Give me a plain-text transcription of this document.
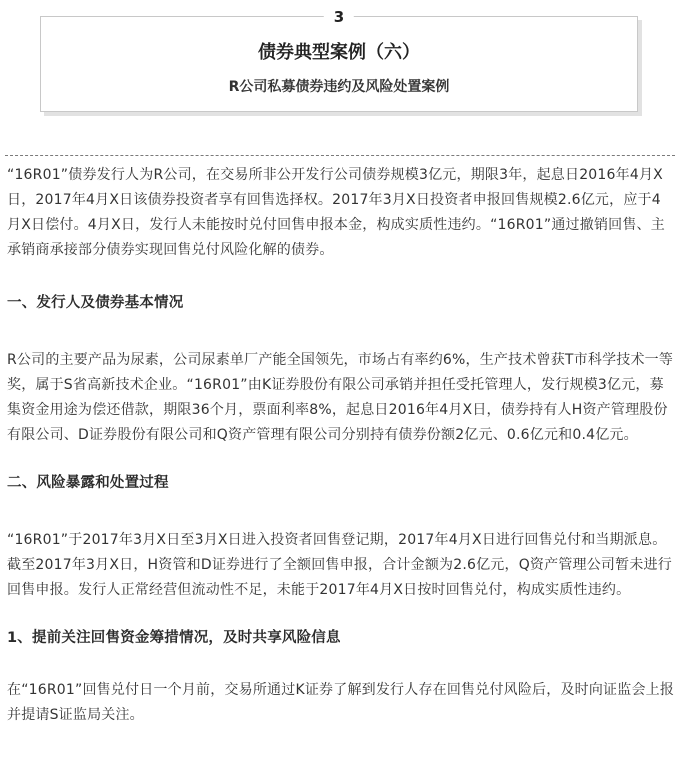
3
债券典型案例（六）
R公司私募债券违约及风险处置案例

“16R01”债券发行人为R公司，在交易所非公开发行公司债券规模3亿元，期限3年，起息日2016年4月X日，2017年4月X日该债券投资者享有回售选择权。2017年3月X日投资者申报回售规模2.6亿元，应于4月X日偿付。4月X日，发行人未能按时兑付回售申报本金，构成实质性违约。“16R01”通过撤销回售、主承销商承接部分债券实现回售兑付风险化解的债券。

一、发行人及债券基本情况

R公司的主要产品为尿素，公司尿素单厂产能全国领先，市场占有率约6%，生产技术曾获T市科学技术一等奖，属于S省高新技术企业。“16R01”由K证券股份有限公司承销并担任受托管理人，发行规模3亿元，募集资金用途为偿还借款，期限36个月，票面利率8%，起息日2016年4月X日，债券持有人H资产管理股份有限公司、D证券股份有限公司和Q资产管理有限公司分别持有债券份额2亿元、0.6亿元和0.4亿元。

二、风险暴露和处置过程

“16R01”于2017年3月X日至3月X日进入投资者回售登记期，2017年4月X日进行回售兑付和当期派息。截至2017年3月X日，H资管和D证券进行了全额回售申报，合计金额为2.6亿元，Q资产管理公司暂未进行回售申报。发行人正常经营但流动性不足，未能于2017年4月X日按时回售兑付，构成实质性违约。

1、提前关注回售资金筹措情况，及时共享风险信息

在“16R01”回售兑付日一个月前，交易所通过K证券了解到发行人存在回售兑付风险后，及时向证监会上报并提请S证监局关注。
